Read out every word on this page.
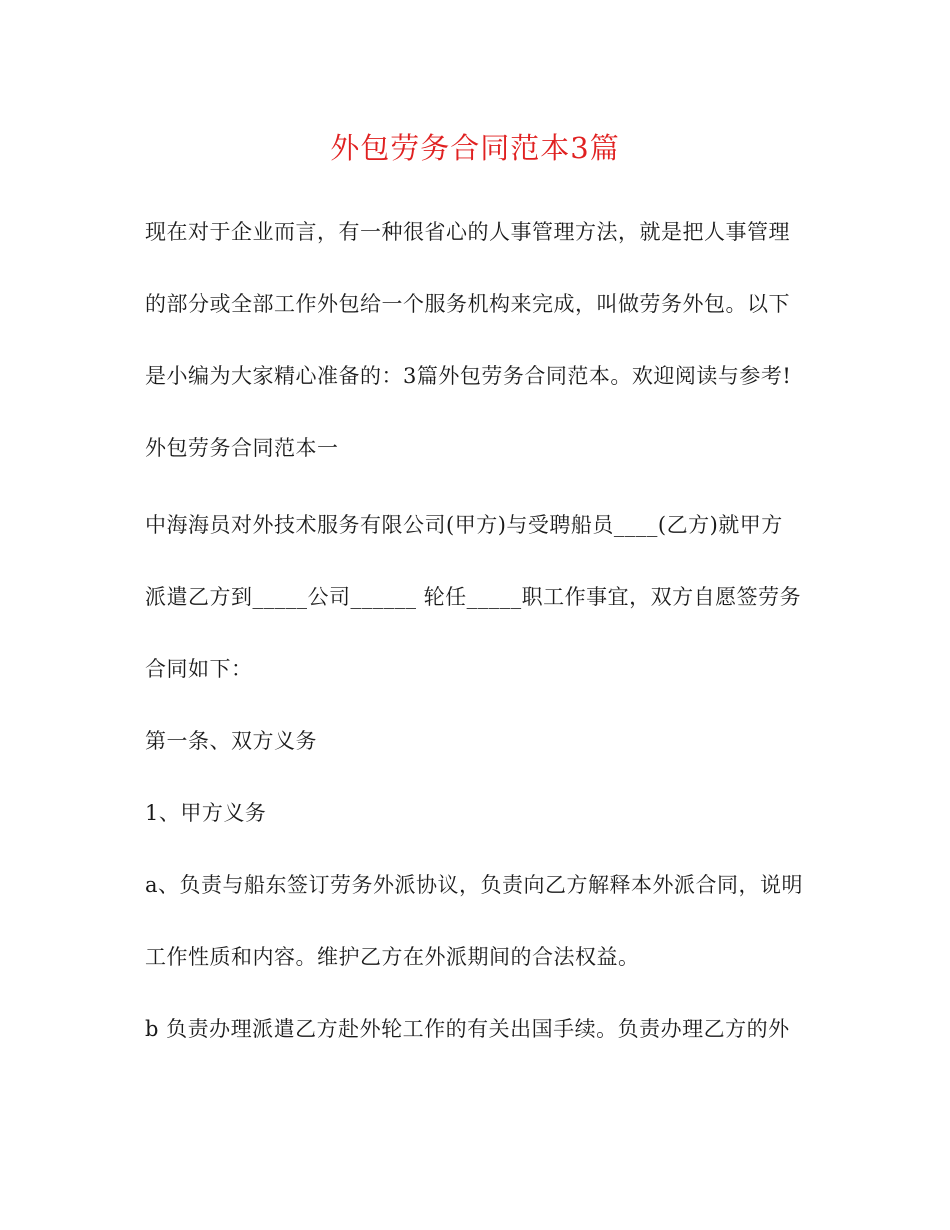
外包劳务合同范本3篇
现在对于企业而言，有一种很省心的人事管理方法，就是把人事管理
的部分或全部工作外包给一个服务机构来完成，叫做劳务外包。以下
是小编为大家精心准备的：3篇外包劳务合同范本。欢迎阅读与参考!
外包劳务合同范本一
中海海员对外技术服务有限公司(甲方)与受聘船员____(乙方)就甲方
派遣乙方到_____公司______ 轮任_____职工作事宜，双方自愿签劳务
合同如下：
第一条、双方义务
1、甲方义务
a、负责与船东签订劳务外派协议，负责向乙方解释本外派合同，说明
工作性质和内容。维护乙方在外派期间的合法权益。
b 负责办理派遣乙方赴外轮工作的有关出国手续。负责办理乙方的外
